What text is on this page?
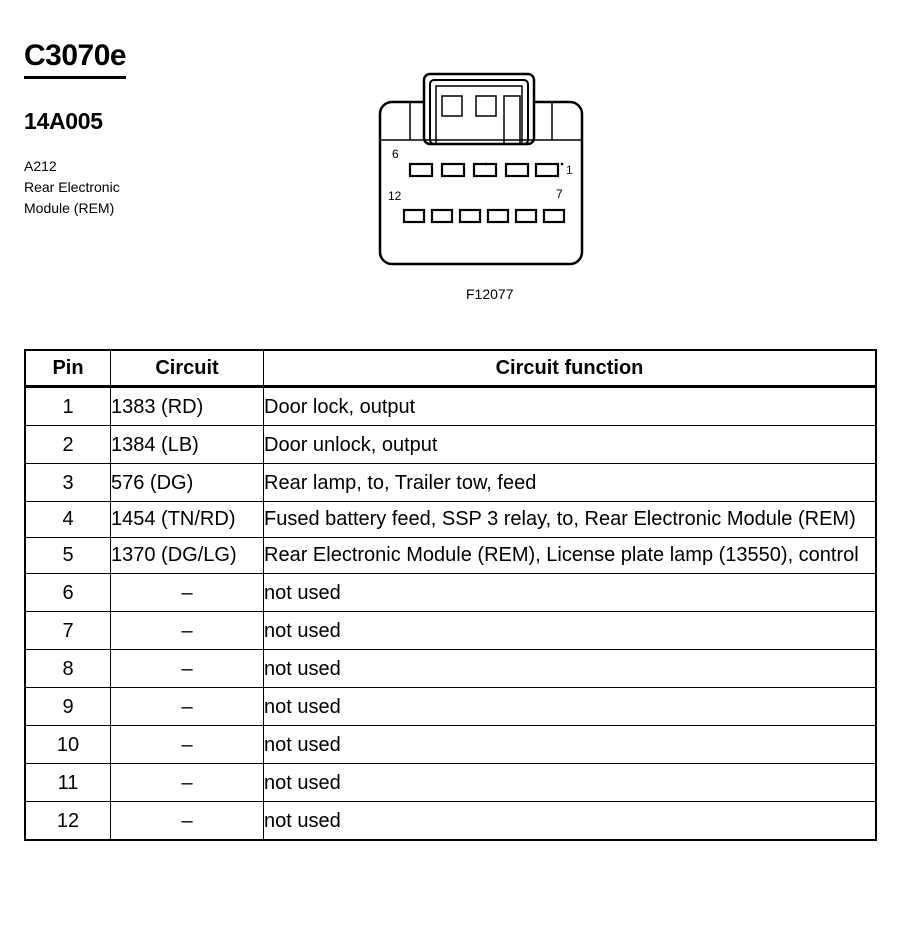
C3070e
14A005
A212
Rear Electronic
Module (REM)
6
1
12	7
F12077
Pin	Circuit	Circuit function
1	1383 (RD)	Door lock, output
2	1384 (LB)	Door unlock, output
3	576 (DG)	Rear lamp, to, Trailer tow, feed
4	1454 (TN/RD)	Fused battery feed, SSP 3 relay, to, Rear Electronic Module (REM)
5	1370 (DG/LG)	Rear Electronic Module (REM), License plate lamp (13550), control
6	–	not used
7	–	not used
8	–	not used
9	–	not used
10	–	not used
11	–	not used
12	–	not used
